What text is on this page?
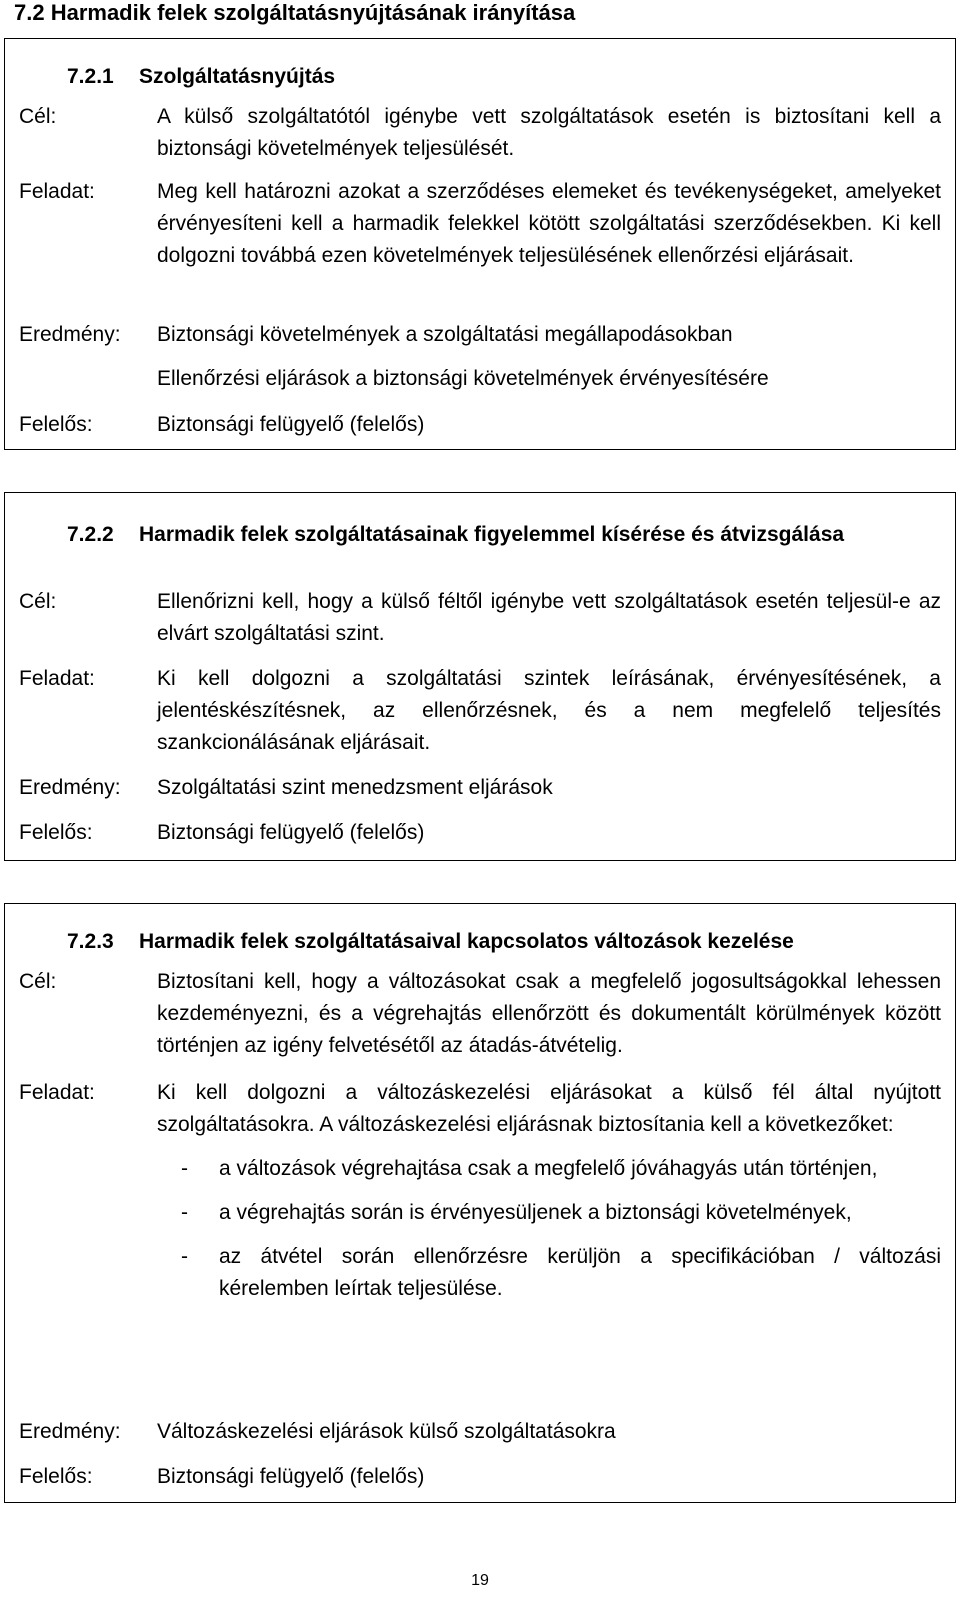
7.2 Harmadik felek szolgáltatásnyújtásának irányítása
7.2.1 Szolgáltatásnyújtás
Cél:	A külső szolgáltatótól igénybe vett szolgáltatások esetén is biztosítani kell a biztonsági követelmények teljesülését.
Feladat:	Meg kell határozni azokat a szerződéses elemeket és tevékenységeket, amelyeket érvényesíteni kell a harmadik felekkel kötött szolgáltatási szerződésekben. Ki kell dolgozni továbbá ezen követelmények teljesülésének ellenőrzési eljárásait.
Eredmény: Biztonsági követelmények a szolgáltatási megállapodásokban
Ellenőrzési eljárások a biztonsági követelmények érvényesítésére
Felelős:	Biztonsági felügyelő (felelős)
7.2.2 Harmadik felek szolgáltatásainak figyelemmel kísérése és átvizsgálása
Cél:	Ellenőrizni kell, hogy a külső féltől igénybe vett szolgáltatások esetén teljesül-e az elvárt szolgáltatási szint.
Feladat:	Ki kell dolgozni a szolgáltatási szintek leírásának, érvényesítésének, a jelentéskészítésnek, az ellenőrzésnek, és a nem megfelelő teljesítés szankcionálásának eljárásait.
Eredmény: Szolgáltatási szint menedzsment eljárások
Felelős:	Biztonsági felügyelő (felelős)
7.2.3 Harmadik felek szolgáltatásaival kapcsolatos változások kezelése
Cél:	Biztosítani kell, hogy a változásokat csak a megfelelő jogosultságokkal lehessen kezdeményezni, és a végrehajtás ellenőrzött és dokumentált körülmények között történjen az igény felvetésétől az átadás-átvételig.
Feladat:	Ki kell dolgozni a változáskezelési eljárásokat a külső fél által nyújtott szolgáltatásokra. A változáskezelési eljárásnak biztosítania kell a következőket:
- a változások végrehajtása csak a megfelelő jóváhagyás után történjen,
- a végrehajtás során is érvényesüljenek a biztonsági követelmények,
- az átvétel során ellenőrzésre kerüljön a specifikációban / változási kérelemben leírtak teljesülése.
Eredmény: Változáskezelési eljárások külső szolgáltatásokra
Felelős:	Biztonsági felügyelő (felelős)
19
